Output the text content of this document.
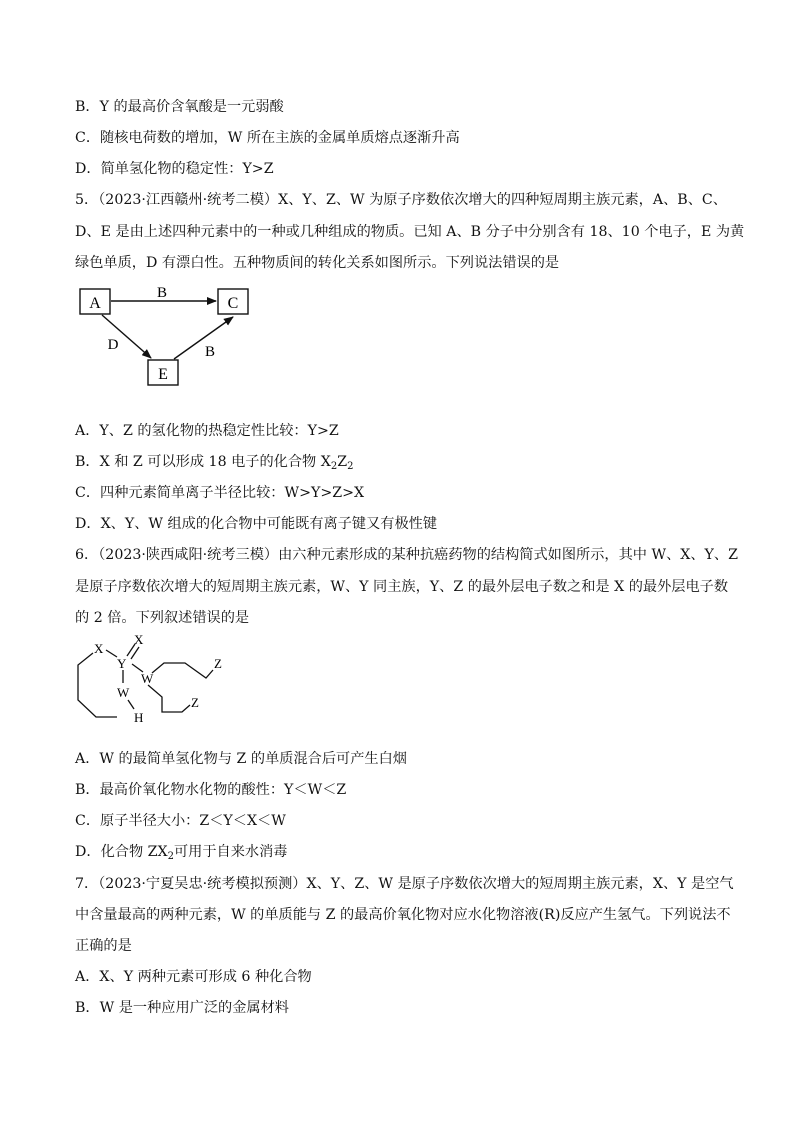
B．Y 的最高价含氧酸是一元弱酸
C．随核电荷数的增加，W 所在主族的金属单质熔点逐渐升高
D．简单氢化物的稳定性：Y>Z
5．（2023·江西赣州·统考二模）X、Y、Z、W 为原子序数依次增大的四种短周期主族元素，A、B、C、
D、E 是由上述四种元素中的一种或几种组成的物质。已知 A、B 分子中分别含有 18、10 个电子，E 为黄
绿色单质，D 有漂白性。五种物质间的转化关系如图所示。下列说法错误的是
A	C
E
B
D	B
A．Y、Z 的氢化物的热稳定性比较：Y>Z
B．X 和 Z 可以形成 18 电子的化合物 $X_2Z_2$
C．四种元素简单离子半径比较：W>Y>Z>X
D．X、Y、W 组成的化合物中可能既有离子键又有极性键
6．（2023·陕西咸阳·统考三模）由六种元素形成的某种抗癌药物的结构简式如图所示，其中 W、X、Y、Z
是原子序数依次增大的短周期主族元素，W、Y 同主族，Y、Z 的最外层电子数之和是 X 的最外层电子数
的 2 倍。下列叙述错误的是
X
X
Y
W
W
H
Z
Z
A．W 的最简单氢化物与 Z 的单质混合后可产生白烟
B．最高价氧化物水化物的酸性：Y＜W＜Z
C．原子半径大小：Z＜Y＜X＜W
D．化合物 $ZX_2$可用于自来水消毒
7．（2023·宁夏吴忠·统考模拟预测）X、Y、Z、W 是原子序数依次增大的短周期主族元素，X、Y 是空气
中含量最高的两种元素，W 的单质能与 Z 的最高价氧化物对应水化物溶液(R)反应产生氢气。下列说法不
正确的是
A．X、Y 两种元素可形成 6 种化合物
B．W 是一种应用广泛的金属材料
